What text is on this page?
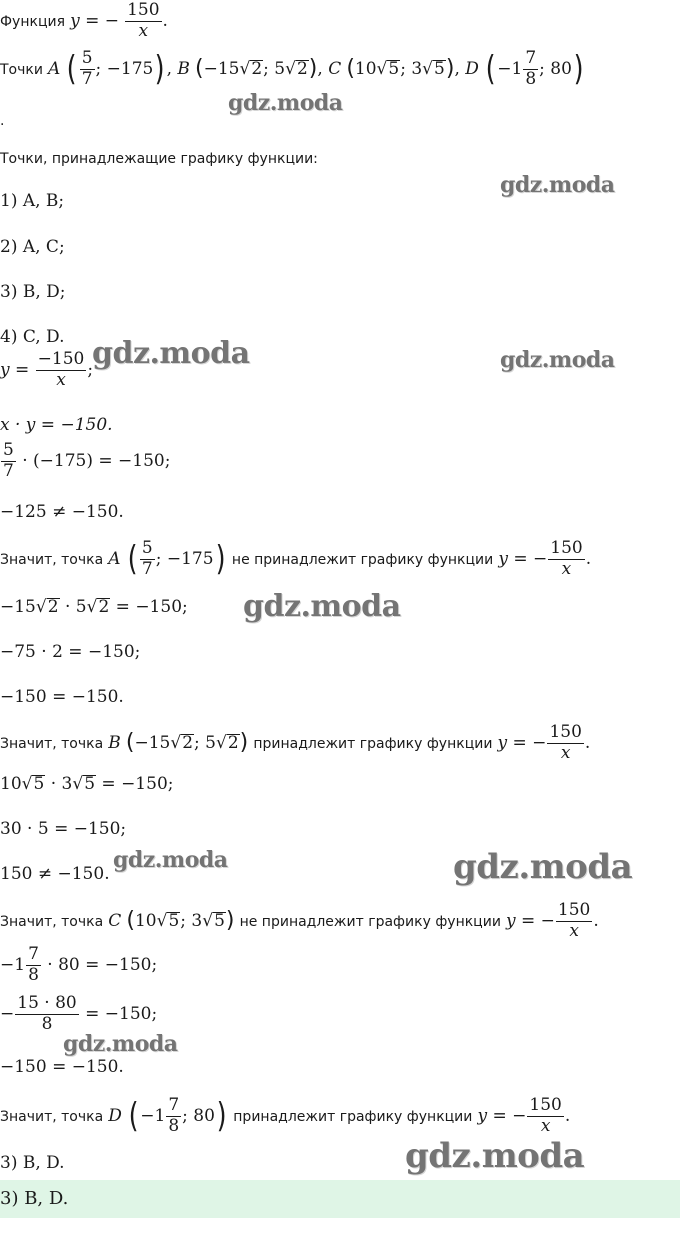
Функция y = − $\frac{150}{x}$ .
Точки A ( $\frac{5}{7}$ ; −175), B (−15√2; 5√2), C (10√5; 3√5), D ($-1 \frac{7}{8}$ ; 80)
.
Точки, принадлежащие графику функции:
1) A, B;
2) A, C;
3) B, D;
4) C, D.
$y = \frac{-150}{x}$ ;
x · y = −150.
$\frac{5}{7} \cdot (-175) = -150$;
−125 ≠ −150.
Значит, точка A ( $\frac{5}{7}$ ; −175) не принадлежит графику функции y = − $\frac{150}{x}$ .
−15√2 · 5√2 = −150;
−75 · 2 = −150;
−150 = −150.
Значит, точка B (−15√2; 5√2) принадлежит графику функции y = − $\frac{150}{x}$ .
10√5 · 3√5 = −150;
30 · 5 = −150;
150 ≠ −150.
Значит, точка C (10√5; 3√5) не принадлежит графику функции y = − $\frac{150}{x}$ .
$-1 \frac{7}{8} \cdot 80 = -150$;
− $\frac{15 \cdot 80}{8} = -150$;
−150 = −150.
Значит, точка D ($-1 \frac{7}{8}$ ; 80) принадлежит графику функции y = − $\frac{150}{x}$ .
3) B, D.
3) B, D.
gdz.moda
gdz.moda
gdz.moda	gdz.moda
gdz.moda
gdz.moda	gdz.moda
gdz.moda
gdz.moda
